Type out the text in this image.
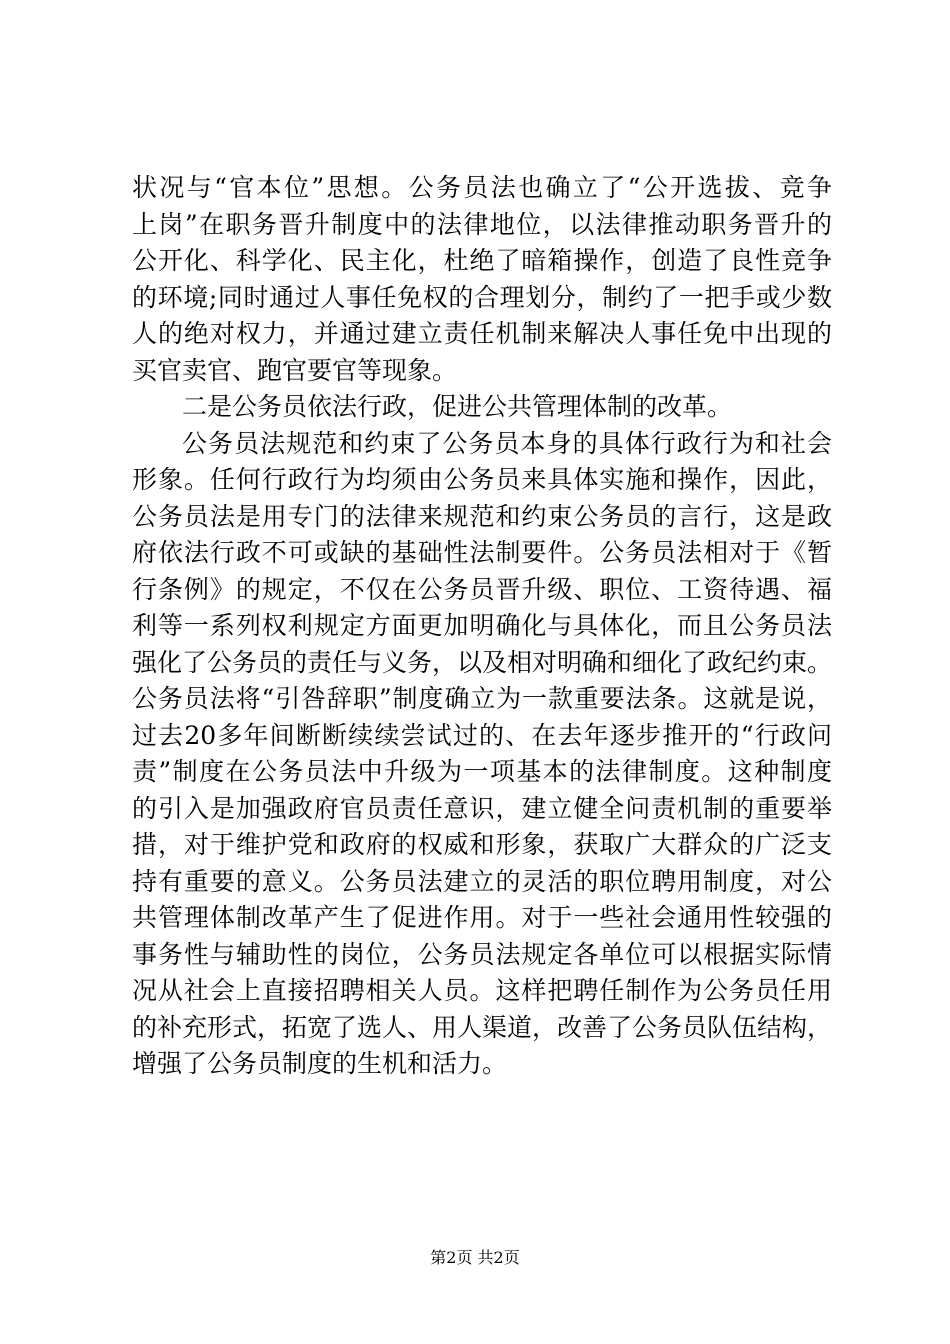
状况与“官本位”思想。公务员法也确立了“公开选拔、竞争
上岗”在职务晋升制度中的法律地位，以法律推动职务晋升的
公开化、科学化、民主化，杜绝了暗箱操作，创造了良性竞争
的环境;同时通过人事任免权的合理划分，制约了一把手或少数
人的绝对权力，并通过建立责任机制来解决人事任免中出现的
买官卖官、跑官要官等现象。
二是公务员依法行政，促进公共管理体制的改革。
公务员法规范和约束了公务员本身的具体行政行为和社会
形象。任何行政行为均须由公务员来具体实施和操作，因此，
公务员法是用专门的法律来规范和约束公务员的言行，这是政
府依法行政不可或缺的基础性法制要件。公务员法相对于《暂
行条例》的规定，不仅在公务员晋升级、职位、工资待遇、福
利等一系列权利规定方面更加明确化与具体化，而且公务员法
强化了公务员的责任与义务，以及相对明确和细化了政纪约束。
公务员法将“引咎辞职”制度确立为一款重要法条。这就是说，
过去20多年间断断续续尝试过的、在去年逐步推开的“行政问
责”制度在公务员法中升级为一项基本的法律制度。这种制度
的引入是加强政府官员责任意识，建立健全问责机制的重要举
措，对于维护党和政府的权威和形象，获取广大群众的广泛支
持有重要的意义。公务员法建立的灵活的职位聘用制度，对公
共管理体制改革产生了促进作用。对于一些社会通用性较强的
事务性与辅助性的岗位，公务员法规定各单位可以根据实际情
况从社会上直接招聘相关人员。这样把聘任制作为公务员任用
的补充形式，拓宽了选人、用人渠道，改善了公务员队伍结构，
增强了公务员制度的生机和活力。
第2页 共2页
